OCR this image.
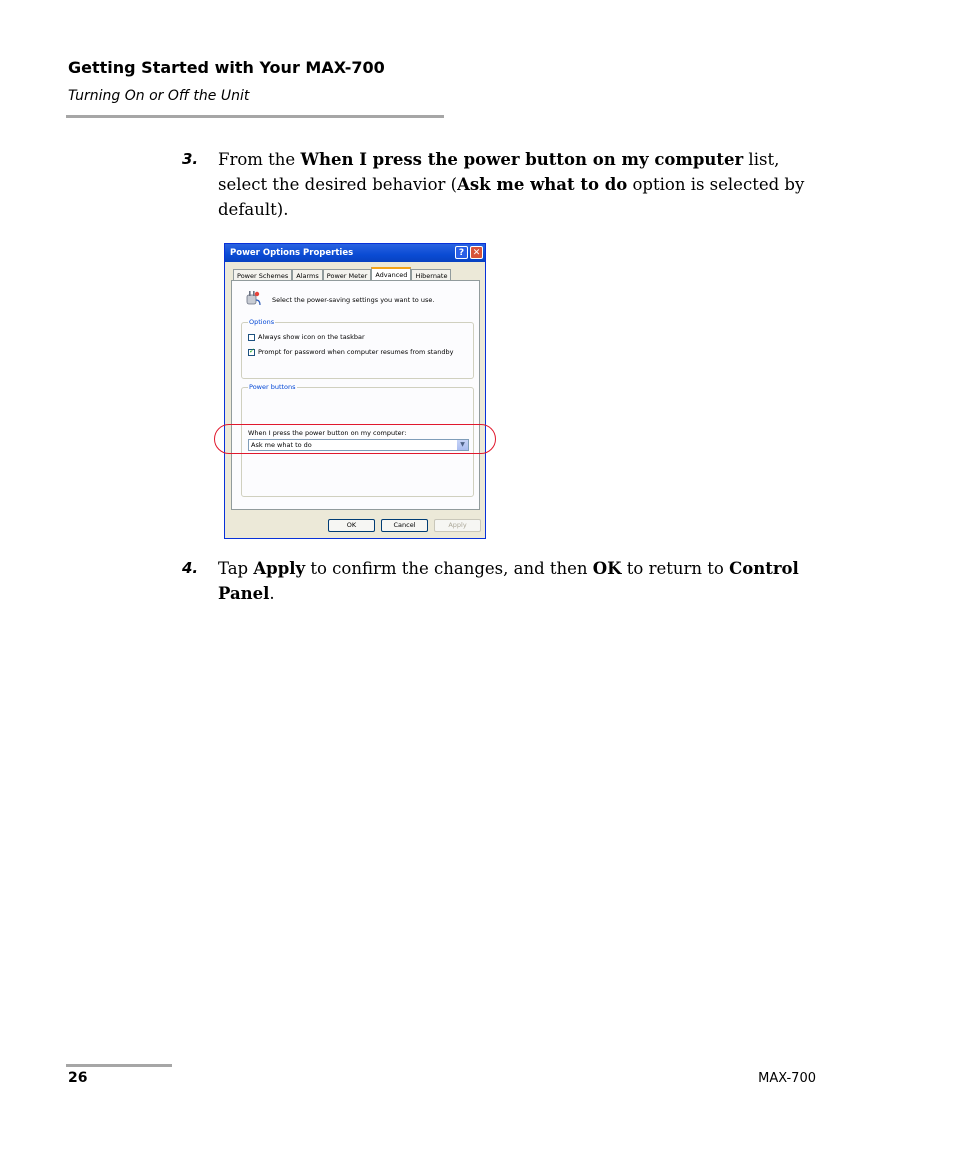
Getting Started with Your MAX-700
Turning On or Off the Unit
3. From the When I press the power button on my computer list, select the desired behavior (Ask me what to do option is selected by default).
Power Options Properties	? ✕
Power Schemes	Alarms	Power Meter	Advanced	Hibernate
Select the power-saving settings you want to use.
Options
Always show icon on the taskbar
✓
Prompt for password when computer resumes from standby
Power buttons
When I press the power button on my computer:
Ask me what to do	▼
OK	Cancel	Apply
4. Tap Apply to confirm the changes, and then OK to return to Control Panel.
26	MAX-700
